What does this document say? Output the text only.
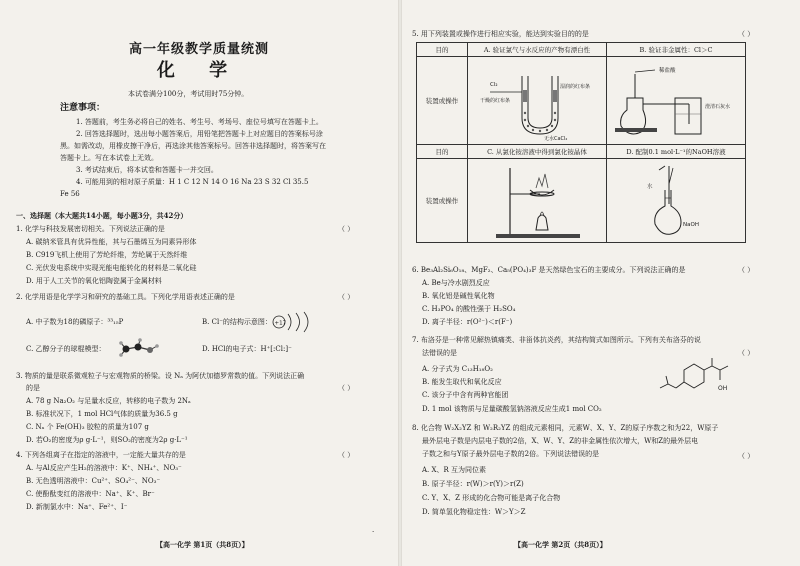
高一年级教学质量统测
化 学
本试卷满分100分，考试用时75分钟。
注意事项：
1. 答题前，考生务必将自己的姓名、考生号、考场号、座位号填写在答题卡上。
2. 回答选择题时，选出每小题答案后，用铅笔把答题卡上对应题目的答案标号涂
黑。如需改动，用橡皮擦干净后，再选涂其他答案标号。回答非选择题时，将答案写在
答题卡上。写在本试卷上无效。
3. 考试结束后，将本试卷和答题卡一并交回。
4. 可能用到的相对原子质量：H 1 C 12 N 14 O 16 Na 23 S 32 Cl 35.5
Fe 56
一、选择题（本大题共14小题，每小题3分，共42分）
1. 化学与科技发展密切相关。下列说法正确的是	（ ）
A. 碳纳米管具有优异性能，其与石墨烯互为同素异形体
B. C919飞机上使用了芳纶纤维，芳纶属于天然纤维
C. 光伏发电系统中实现光能电能转化的材料是二氧化硅
D. 用于人工关节的氧化铝陶瓷属于金属材料
2. 化学用语是化学学习和研究的基础工具。下列化学用语表述正确的是	（ ）
A. 中子数为18的磷原子：³³₁₅P	B. Cl⁻的结构示意图： +17
C. 乙醇分子的球棍模型：	D. HCl的电子式：H⁺[:Cl:]⁻
3. 物质的量是联系微观粒子与宏观物质的桥梁。设 Nₐ 为阿伏加德罗常数的值。下列说法正确
的是	（ ）
A. 78 g Na₂O₂ 与足量水反应，转移的电子数为 2Nₐ
B. 标准状况下，1 mol HCl气体的质量为36.5 g
C. Nₐ 个 Fe(OH)₃ 胶粒的质量为107 g
D. 若O₂的密度为ρ g·L⁻¹，则SO₂的密度为2ρ g·L⁻¹
4. 下列各组离子在指定的溶液中，一定能大量共存的是	（ ）
A. 与Al反应产生H₂的溶液中：K⁺、NH₄⁺、NO₃⁻
B. 无色透明溶液中：Cu²⁺、SO₄²⁻、NO₃⁻
C. 使酚酞变红的溶液中：Na⁺、K⁺、Br⁻
D. 新制氯水中：Na⁺、Fe²⁺、I⁻
【高一化学 第1页（共8页）】
·
5. 用下列装置或操作进行相应实验，能达到实验目的的是	（ ）
目的	A. 验证氯气与水反应的产物有漂白性	B. 验证非金属性：Cl＞C
装置或操作	Cl₂
干燥的红布条
湿润的红布条
无水CaCl₂	稀盐酸
澄清石灰水

目的	C. 从氯化铵溶液中得到氯化铵晶体	D. 配制0.1 mol·L⁻¹的NaOH溶液
装置或操作		水
NaOH
6. Be₃Al₂Si₆O₁₈、MgF₂、Ca₅(PO₄)₃F 是天然绿色宝石的主要成分。下列说法正确的是	（ ）
A. Be与冷水剧烈反应
B. 氧化铝是碱性氧化物
C. H₃PO₄ 的酸性强于 H₂SO₄
D. 离子半径：r(O²⁻)＜r(F⁻)
7. 布洛芬是一种常见解热镇痛类、非甾体抗炎药，其结构简式如图所示。下列有关布洛芬的说
法错误的是	（ ）
A. 分子式为 C₁₃H₁₈O₂
B. 能发生取代和氧化反应
C. 该分子中含有两种官能团
D. 1 mol 该物质与足量碳酸氢钠溶液反应生成1 mol CO₂
OH
8. 化合物 W₂X₂YZ 和 W₂R₂YZ 的组成元素相同，元素W、X、Y、Z的原子序数之和为22，W原子
最外层电子数是内层电子数的2倍，X、W、Y、Z的非金属性依次增大，W和Z的最外层电
子数之和与Y原子最外层电子数的2倍。下列说法错误的是	（ ）
A. X、R 互为同位素
B. 原子半径：r(W)＞r(Y)＞r(Z)
C. Y、X、Z 形成的化合物可能是离子化合物
D. 简单氢化物稳定性：W＞Y＞Z
【高一化学 第2页（共8页）】
